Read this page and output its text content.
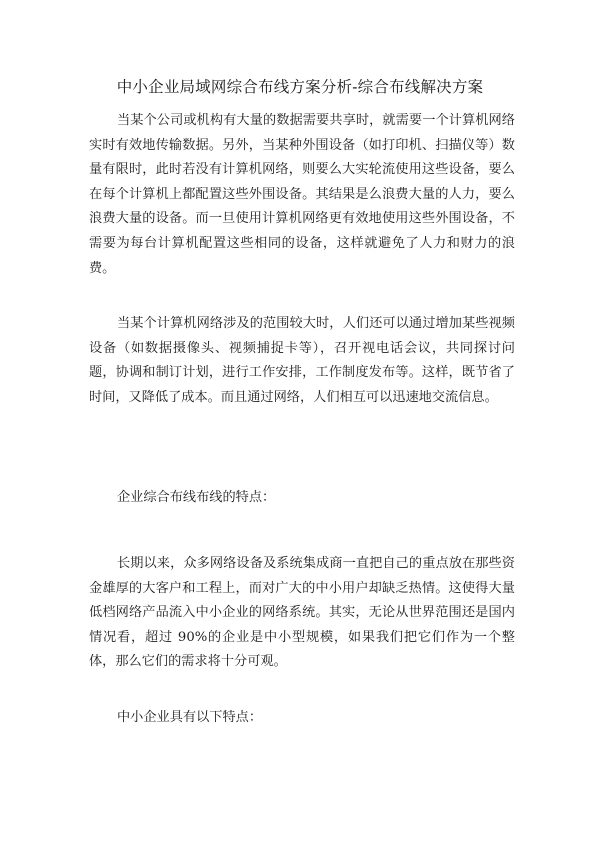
中小企业局域网综合布线方案分析-综合布线解决方案

当某个公司或机构有大量的数据需要共享时，就需要一个计算机网络实时有效地传输数据。另外，当某种外围设备（如打印机、扫描仪等）数量有限时，此时若没有计算机网络，则要么大实轮流使用这些设备，要么在每个计算机上都配置这些外围设备。其结果是么浪费大量的人力，要么浪费大量的设备。而一旦使用计算机网络更有效地使用这些外围设备，不需要为每台计算机配置这些相同的设备，这样就避免了人力和财力的浪费。

当某个计算机网络涉及的范围较大时，人们还可以通过增加某些视频设备（如数据摄像头、视频捕捉卡等），召开视电话会议，共同探讨问题，协调和制订计划，进行工作安排，工作制度发布等。这样，既节省了时间，又降低了成本。而且通过网络，人们相互可以迅速地交流信息。

企业综合布线布线的特点：

长期以来，众多网络设备及系统集成商一直把自己的重点放在那些资金雄厚的大客户和工程上，而对广大的中小用户却缺乏热情。这使得大量低档网络产品流入中小企业的网络系统。其实，无论从世界范围还是国内情况看，超过 90%的企业是中小型规模，如果我们把它们作为一个整体，那么它们的需求将十分可观。

中小企业具有以下特点：
